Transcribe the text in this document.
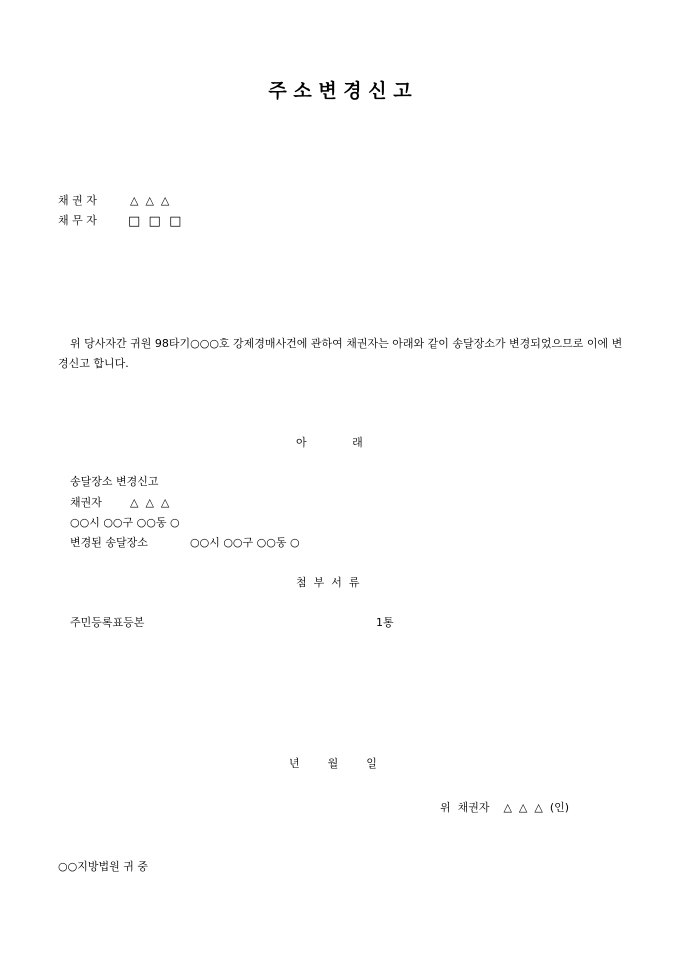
주 소 변 경 신 고
채 권 자	△  △  △
채 무 자 □  □  □
위 당사자간 귀원 98타기○○○호 강제경매사건에 관하여 채권자는 아래와 같이 송달장소가 변경되었으므로 이에 변경신고 합니다.
아             래
송달장소 변경신고
채권자	△  △  △
○○시 ○○구 ○○동 ○
변경된 송달장소	○○시 ○○구 ○○동 ○
첨  부  서  류
주민등록표등본	1통
년        월        일
위  채권자    △  △  △  (인)
○○지방법원 귀 중
